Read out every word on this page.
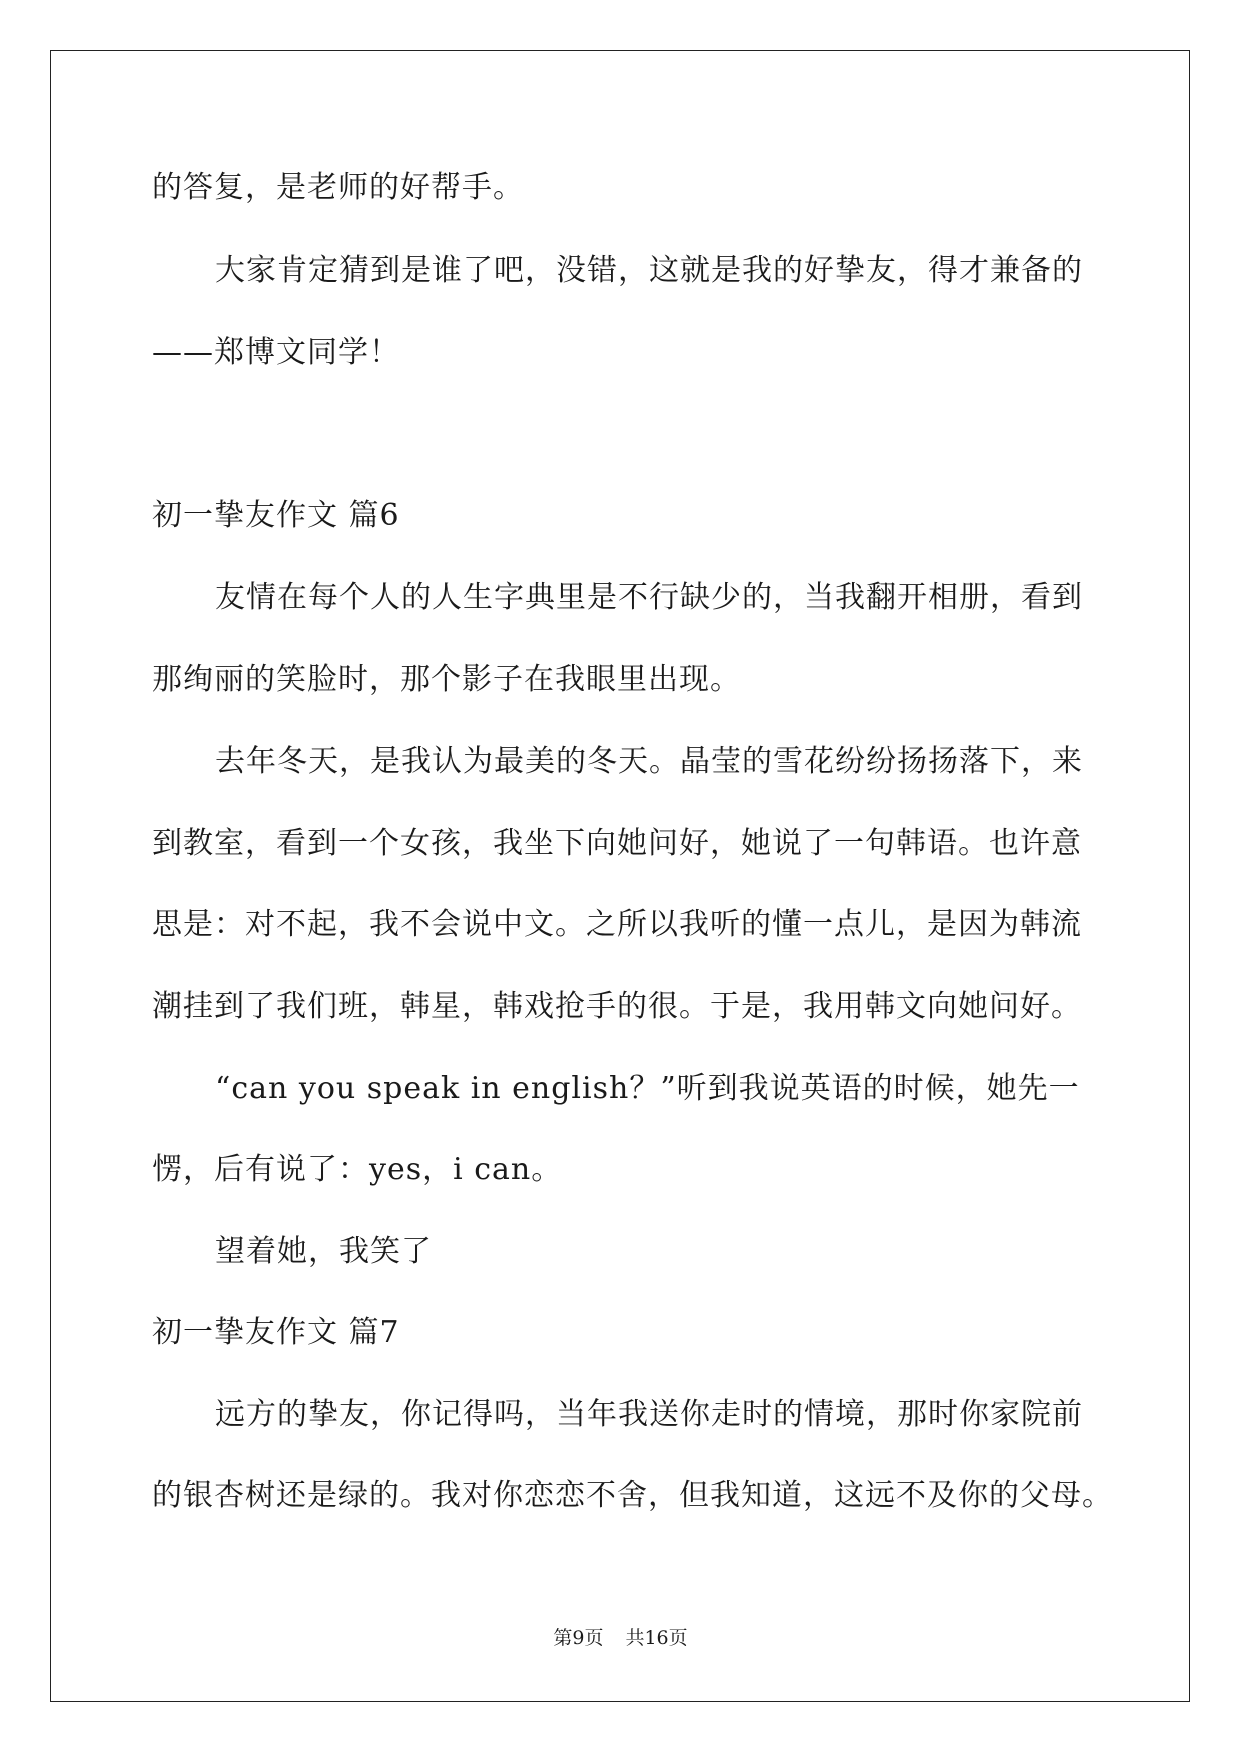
的答复，是老师的好帮手。
大家肯定猜到是谁了吧，没错，这就是我的好挚友，得才兼备的
——郑博文同学！
初一挚友作文 篇6
友情在每个人的人生字典里是不行缺少的，当我翻开相册，看到
那绚丽的笑脸时，那个影子在我眼里出现。
去年冬天，是我认为最美的冬天。晶莹的雪花纷纷扬扬落下，来
到教室，看到一个女孩，我坐下向她问好，她说了一句韩语。也许意
思是：对不起，我不会说中文。之所以我听的懂一点儿，是因为韩流
潮挂到了我们班，韩星，韩戏抢手的很。于是，我用韩文向她问好。
“can you speak in english？”听到我说英语的时候，她先一
愣，后有说了：yes，i can。
望着她，我笑了
初一挚友作文 篇7
远方的挚友，你记得吗，当年我送你走时的情境，那时你家院前
的银杏树还是绿的。我对你恋恋不舍，但我知道，这远不及你的父母。
第9页 共16页
